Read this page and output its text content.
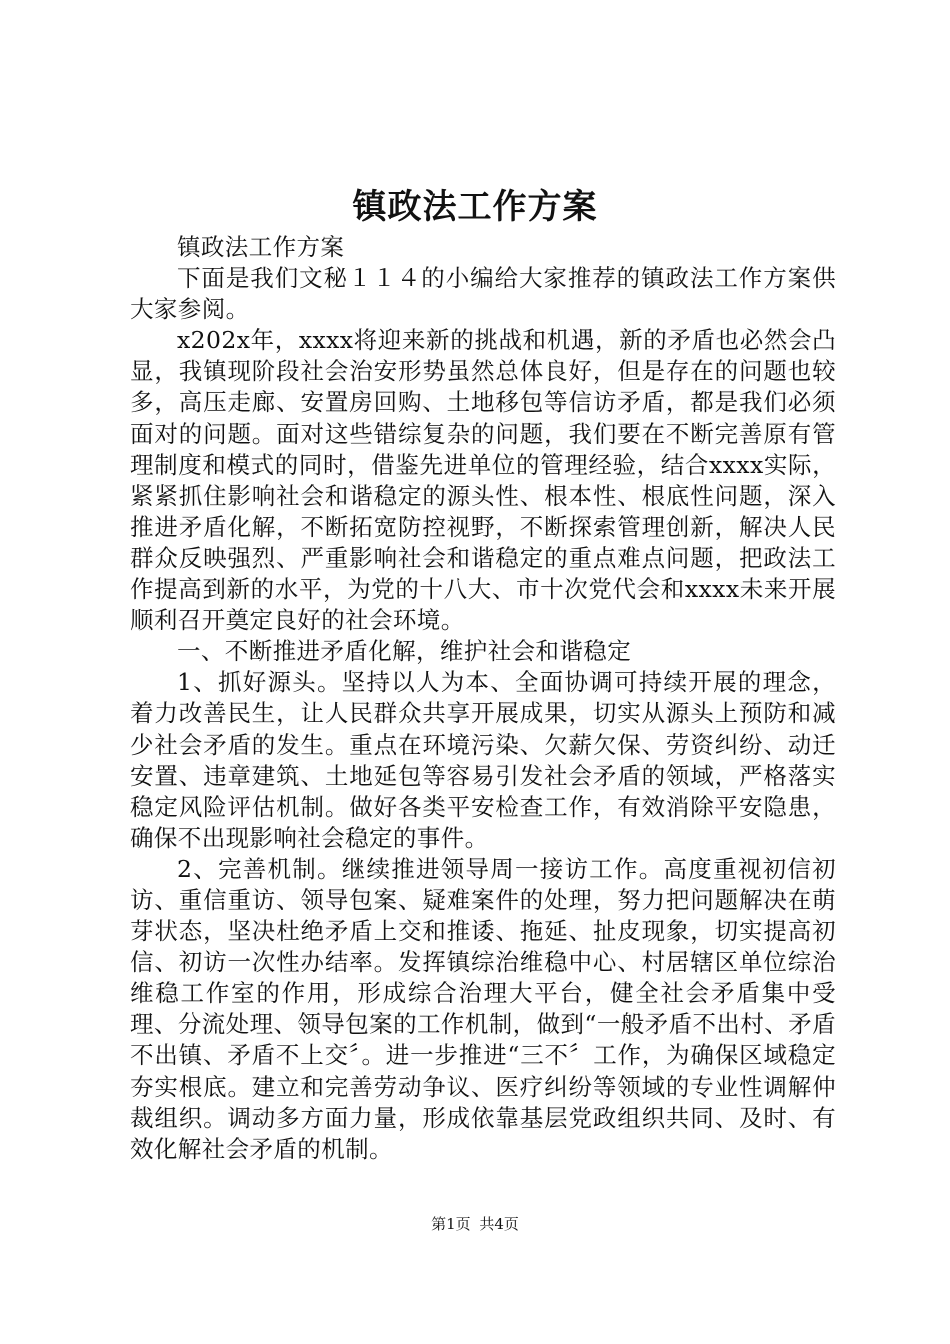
镇政法工作方案

镇政法工作方案

下面是我们文秘１１４的小编给大家推荐的镇政法工作方案供大家参阅。

x202x年，xxxx将迎来新的挑战和机遇，新的矛盾也必然会凸显，我镇现阶段社会治安形势虽然总体良好，但是存在的问题也较多，高压走廊、安置房回购、土地移包等信访矛盾，都是我们必须面对的问题。面对这些错综复杂的问题，我们要在不断完善原有管理制度和模式的同时，借鉴先进单位的管理经验，结合xxxx实际，紧紧抓住影响社会和谐稳定的源头性、根本性、根底性问题，深入推进矛盾化解，不断拓宽防控视野，不断探索管理创新，解决人民群众反映强烈、严重影响社会和谐稳定的重点难点问题，把政法工作提高到新的水平，为党的十八大、市十次党代会和xxxx未来开展顺利召开奠定良好的社会环境。

一、不断推进矛盾化解，维护社会和谐稳定

1、抓好源头。坚持以人为本、全面协调可持续开展的理念，着力改善民生，让人民群众共享开展成果，切实从源头上预防和减少社会矛盾的发生。重点在环境污染、欠薪欠保、劳资纠纷、动迁安置、违章建筑、土地延包等容易引发社会矛盾的领域，严格落实稳定风险评估机制。做好各类平安检查工作，有效消除平安隐患，确保不出现影响社会稳定的事件。

2、完善机制。继续推进领导周一接访工作。高度重视初信初访、重信重访、领导包案、疑难案件的处理，努力把问题解决在萌芽状态，坚决杜绝矛盾上交和推诿、拖延、扯皮现象，切实提高初信、初访一次性办结率。发挥镇综治维稳中心、村居辖区单位综治维稳工作室的作用，形成综合治理大平台，健全社会矛盾集中受理、分流处理、领导包案的工作机制，做到“一般矛盾不出村、矛盾不出镇、矛盾不上交〞。进一步推进“三不〞工作，为确保区域稳定夯实根底。建立和完善劳动争议、医疗纠纷等领域的专业性调解仲裁组织。调动多方面力量，形成依靠基层党政组织共同、及时、有效化解社会矛盾的机制。

第1页 共4页
